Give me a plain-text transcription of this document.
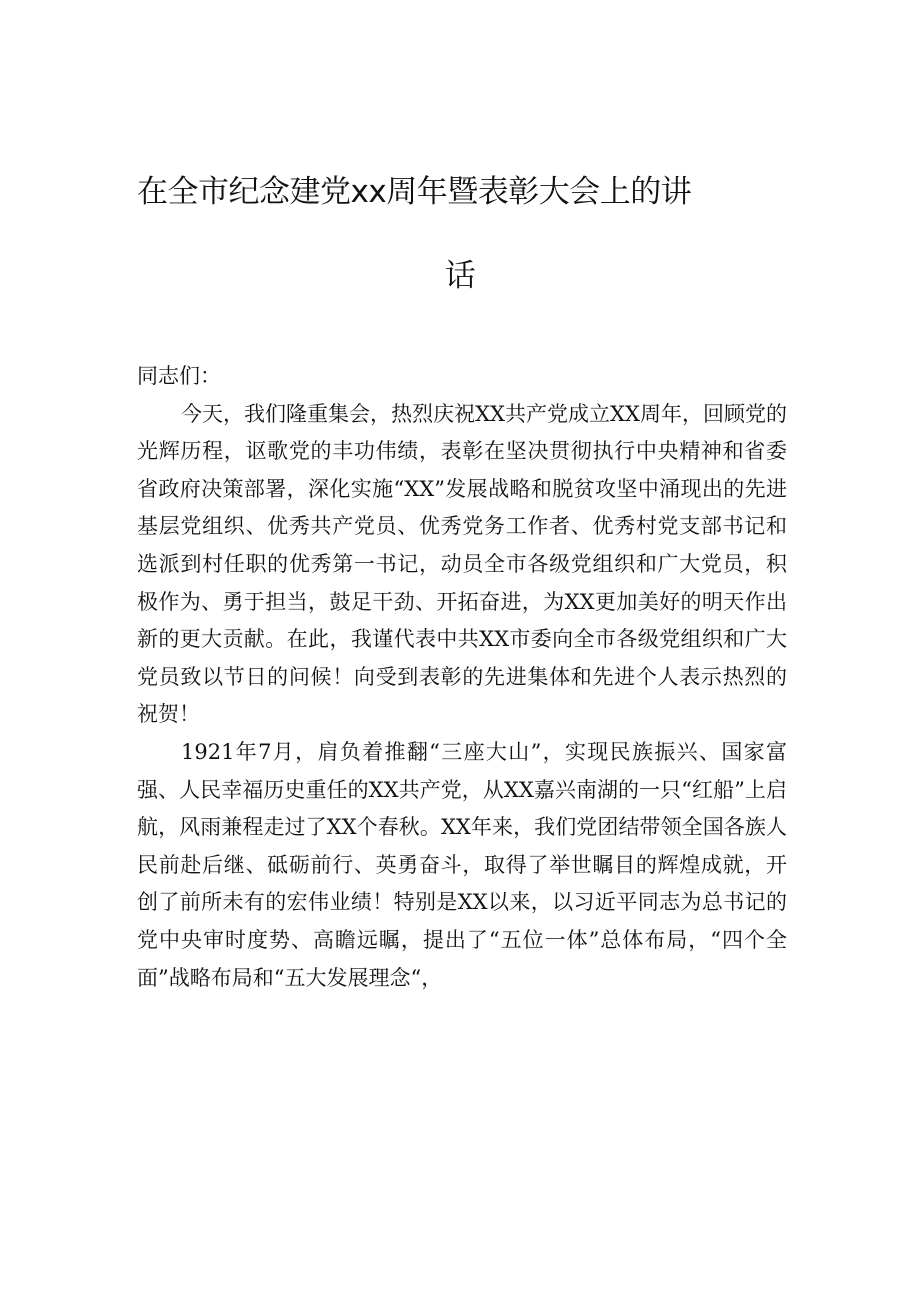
在全市纪念建党xx周年暨表彰大会上的讲
话

同志们：

今天，我们隆重集会，热烈庆祝XX共产党成立XX周年，回顾党的光辉历程，讴歌党的丰功伟绩，表彰在坚决贯彻执行中央精神和省委省政府决策部署，深化实施“XX”发展战略和脱贫攻坚中涌现出的先进基层党组织、优秀共产党员、优秀党务工作者、优秀村党支部书记和选派到村任职的优秀第一书记，动员全市各级党组织和广大党员，积极作为、勇于担当，鼓足干劲、开拓奋进，为XX更加美好的明天作出新的更大贡献。在此，我谨代表中共XX市委向全市各级党组织和广大党员致以节日的问候！向受到表彰的先进集体和先进个人表示热烈的祝贺！

1921年7月，肩负着推翻“三座大山”，实现民族振兴、国家富强、人民幸福历史重任的XX共产党，从XX嘉兴南湖的一只“红船”上启航，风雨兼程走过了XX个春秋。XX年来，我们党团结带领全国各族人民前赴后继、砥砺前行、英勇奋斗，取得了举世瞩目的辉煌成就，开创了前所未有的宏伟业绩！特别是XX以来，以习近平同志为总书记的党中央审时度势、高瞻远瞩，提出了“五位一体”总体布局，“四个全面”战略布局和“五大发展理念“，
